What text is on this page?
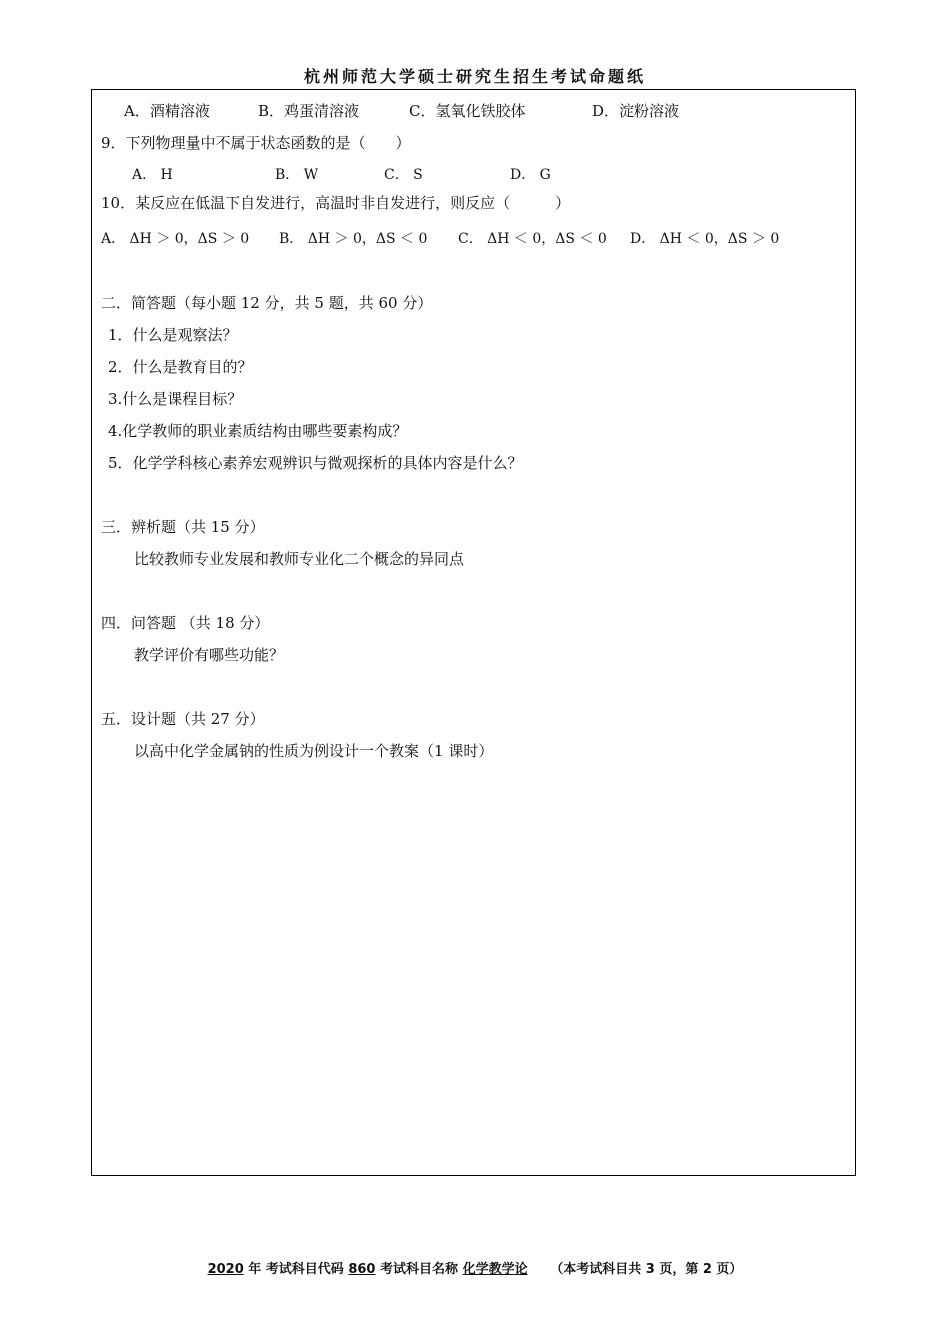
杭州师范大学硕士研究生招生考试命题纸
A．酒精溶液	B．鸡蛋清溶液	C．氢氧化铁胶体	D．淀粉溶液
9．下列物理量中不属于状态函数的是（　　）
A． H	B． W	C． S	D． G
10．某反应在低温下自发进行，高温时非自发进行，则反应（　　　）
A． ΔH ＞ 0，ΔS ＞ 0 B． ΔH ＞ 0，ΔS ＜ 0 C． ΔH ＜ 0，ΔS ＜ 0 D． ΔH ＜ 0，ΔS ＞ 0
二．简答题（每小题 12 分，共 5 题，共 60 分）
1．什么是观察法？
2．什么是教育目的？
3.什么是课程目标？
4.化学教师的职业素质结构由哪些要素构成？
5．化学学科核心素养宏观辨识与微观探析的具体内容是什么？
三．辨析题（共 15 分）
比较教师专业发展和教师专业化二个概念的异同点
四．问答题 （共 18 分）
教学评价有哪些功能？
五．设计题（共 27 分）
以高中化学金属钠的性质为例设计一个教案（1 课时）
2020 年 考试科目代码 860 考试科目名称 化学教学论 （本考试科目共 3 页，第 2 页）
